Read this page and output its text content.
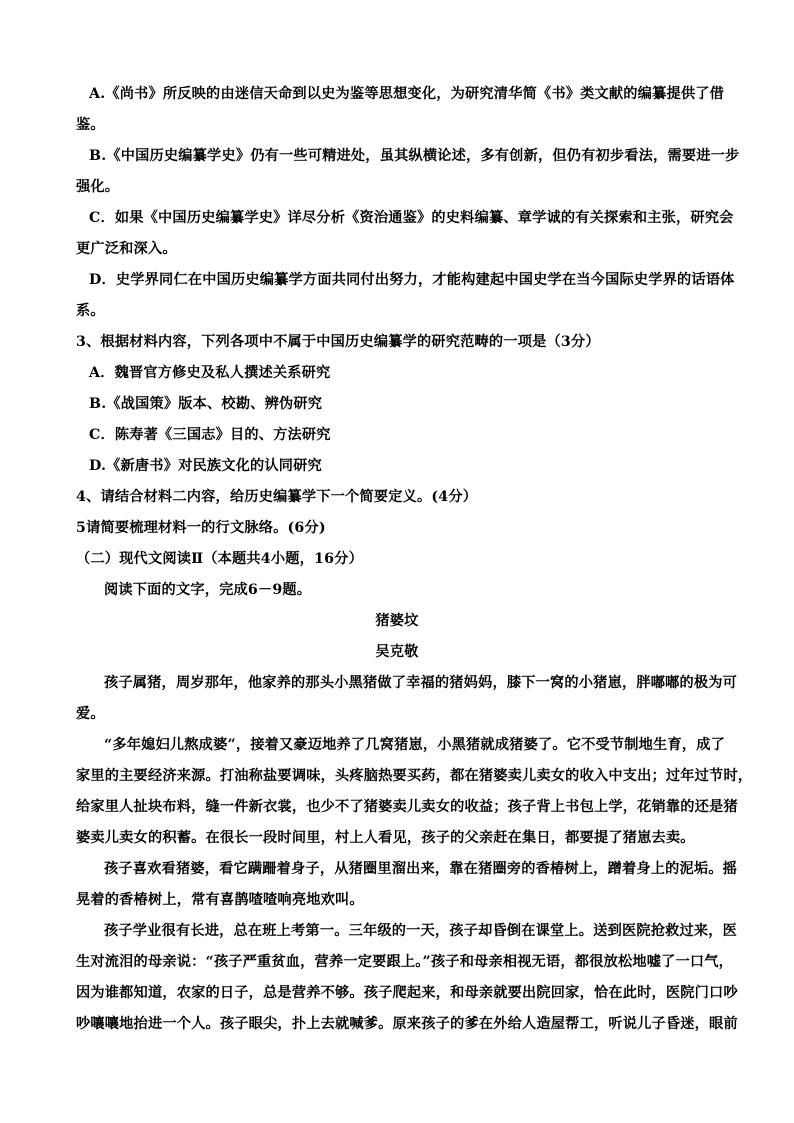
A.《尚书》所反映的由迷信天命到以史为鉴等思想变化，为研究清华简《书》类文献的编纂提供了借
鉴。
B.《中国历史编纂学史》仍有一些可精进处，虽其纵横论述，多有创新，但仍有初步看法，需要进一步
强化。
C．如果《中国历史编纂学史》详尽分析《资治通鉴》的史料编纂、章学诚的有关探索和主张，研究会
更广泛和深入。
D．史学界同仁在中国历史编纂学方面共同付出努力，才能构建起中国史学在当今国际史学界的话语体
系。
3、根据材料内容，下列各项中不属于中国历史编纂学的研究范畴的一项是（3分）
A．魏晋官方修史及私人撰述关系研究
B.《战国策》版本、校勘、辨伪研究
C．陈寿著《三国志》目的、方法研究
D.《新唐书》对民族文化的认同研究
4、请结合材料二内容，给历史编纂学下一个简要定义。(4分）
5请简要梳理材料一的行文脉络。(6分)
（二）现代文阅读Ⅱ（本题共4小题，16分）
阅读下面的文字，完成6－9题。
猪婆坟
吴克敬
孩子属猪，周岁那年，他家养的那头小黑猪做了幸福的猪妈妈，膝下一窝的小猪崽，胖嘟嘟的极为可
爱。
“多年媳妇儿熬成婆”，接着又豪迈地养了几窝猪崽，小黑猪就成猪婆了。它不受节制地生育，成了
家里的主要经济来源。打油称盐要调味，头疼脑热要买药，都在猪婆卖儿卖女的收入中支出；过年过节时，
给家里人扯块布料，缝一件新衣裳，也少不了猪婆卖儿卖女的收益；孩子背上书包上学，花销靠的还是猪
婆卖儿卖女的积蓄。在很长一段时间里，村上人看见，孩子的父亲赶在集日，都要提了猪崽去卖。
孩子喜欢看猪婆，看它蹒跚着身子，从猪圈里溜出来，靠在猪圈旁的香椿树上，蹭着身上的泥垢。摇
晃着的香椿树上，常有喜鹊喳喳响亮地欢叫。
孩子学业很有长进，总在班上考第一。三年级的一天，孩子却昏倒在课堂上。送到医院抢救过来，医
生对流泪的母亲说：“孩子严重贫血，营养一定要跟上。”孩子和母亲相视无语，都很放松地嘘了一口气，
因为谁都知道，农家的日子，总是营养不够。孩子爬起来，和母亲就要出院回家，恰在此时，医院门口吵
吵嚷嚷地抬进一个人。孩子眼尖，扑上去就喊爹。原来孩子的爹在外给人造屋帮工，听说儿子昏迷，眼前
